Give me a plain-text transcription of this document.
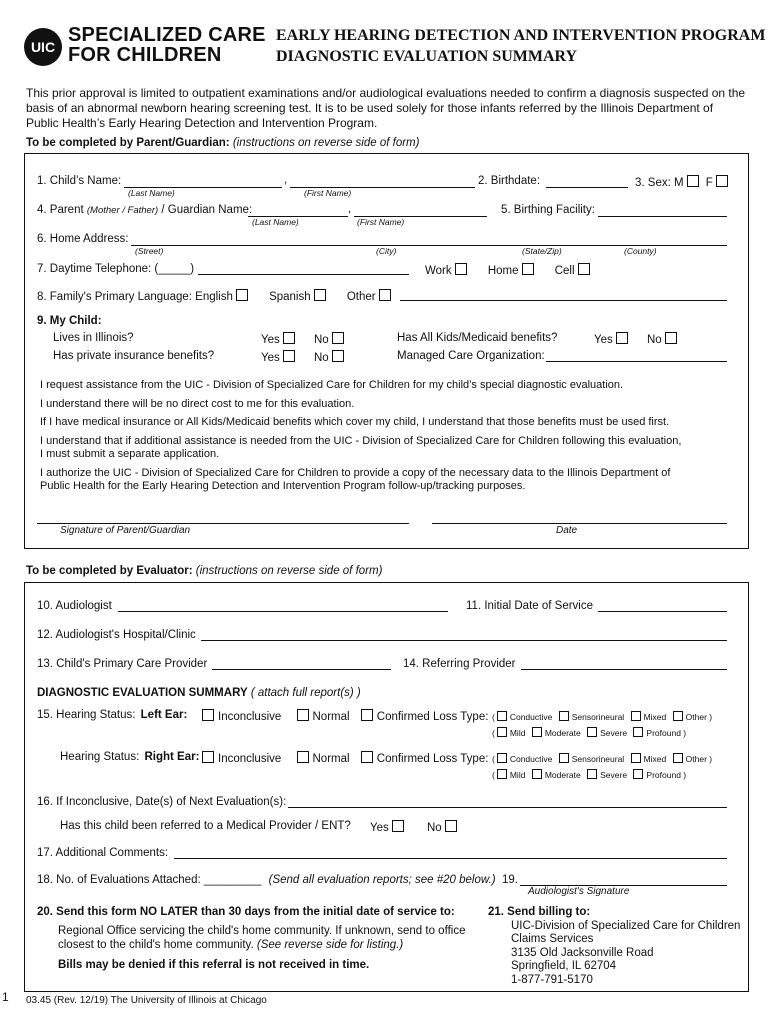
UIC
SPECIALIZED CARE
FOR CHILDREN
EARLY HEARING DETECTION AND INTERVENTION PROGRAM
DIAGNOSTIC EVALUATION SUMMARY
This prior approval is limited to outpatient examinations and/or audiological evaluations needed to confirm a diagnosis suspected on the
basis of an abnormal newborn hearing screening test. It is to be used solely for those infants referred by the Illinois Department of
Public Health’s Early Hearing Detection and Intervention Program.
To be completed by Parent/Guardian: (instructions on reverse side of form)
1. Child’s Name:	,
(Last Name)	(First Name)
2. Birthdate:	3. Sex: M F
4. Parent (Mother / Father) / Guardian Name:	,
(Last Name)	(First Name)
5. Birthing Facility:
6. Home Address:
(Street)	(City)	(State/Zip)	(County)
7. Daytime Telephone: (_____)	Work	Home	Cell
8. Family's Primary Language: English	Spanish	Other
9. My Child:
Lives in Illinois?	Yes	No	Has All Kids/Medicaid benefits?	Yes	No
Has private insurance benefits?	Yes	No	Managed Care Organization:
I request assistance from the UIC - Division of Specialized Care for Children for my child’s special diagnostic evaluation.
I understand there will be no direct cost to me for this evaluation.
If I have medical insurance or All Kids/Medicaid benefits which cover my child, I understand that those benefits must be used first.
I understand that if additional assistance is needed from the UIC - Division of Specialized Care for Children following this evaluation,
I must submit a separate application.
I authorize the UIC - Division of Specialized Care for Children to provide a copy of the necessary data to the Illinois Department of
Public Health for the Early Hearing Detection and Intervention Program follow-up/tracking purposes.
Signature of Parent/Guardian	Date
To be completed by Evaluator: (instructions on reverse side of form)
10. Audiologist	11. Initial Date of Service
12. Audiologist's Hospital/Clinic
13. Child's Primary Care Provider	14. Referring Provider
DIAGNOSTIC EVALUATION SUMMARY ( attach full report(s) )
15. Hearing Status: Left Ear:	Inconclusive	Normal Confirmed Loss Type: ( Conductive Sensorineural Mixed Other )
( Mild Moderate Severe Profound )
Hearing Status: Right Ear:	Inconclusive	Normal Confirmed Loss Type: ( Conductive Sensorineural Mixed Other )
( Mild Moderate Severe Profound )
16. If Inconclusive, Date(s) of Next Evaluation(s):
Has this child been referred to a Medical Provider / ENT? Yes	No
17. Additional Comments:
18. No. of Evaluations Attached: _________ (Send all evaluation reports; see #20 below.) 19.
Audiologist's Signature
20. Send this form NO LATER than 30 days from the initial date of service to:
Regional Office servicing the child's home community. If unknown, send to office
closest to the child's home community. (See reverse side for listing.)
Bills may be denied if this referral is not received in time.
21. Send billing to:
UIC-Division of Specialized Care for Children
Claims Services
3135 Old Jacksonville Road
Springfield, IL 62704
1-877-791-5170
1 03.45 (Rev. 12/19) The University of Illinois at Chicago
